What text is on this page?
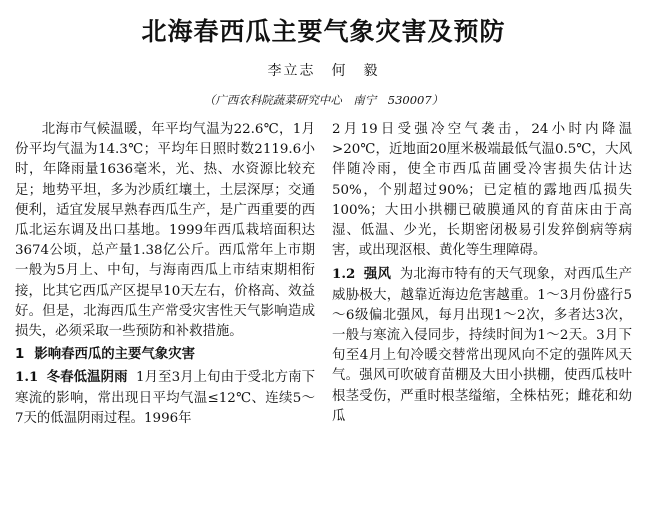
北海春西瓜主要气象灾害及预防
李立志　何　毅
（广西农科院蔬菜研究中心　南宁　530007）

北海市气候温暖，年平均气温为22.6℃，1月份平均气温为14.3℃；平均年日照时数2119.6小时，年降雨量1636毫米，光、热、水资源比较充足；地势平坦，多为沙质红壤土，土层深厚；交通便利，适宜发展早熟春西瓜生产，是广西重要的西瓜北运东调及出口基地。1999年西瓜栽培面积达3674公顷，总产量1.38亿公斤。西瓜常年上市期一般为5月上、中旬，与海南西瓜上市结束期相衔接，比其它西瓜产区提早10天左右，价格高、效益好。但是，北海西瓜生产常受灾害性天气影响造成损失，必须采取一些预防和补救措施。

1 影响春西瓜的主要气象灾害

1.1 冬春低温阴雨 1月至3月上旬由于受北方南下寒流的影响，常出现日平均气温≤12℃、连续5～7天的低温阴雨过程。1996年

2月19日受强冷空气袭击，24小时内降温>20℃，近地面20厘米极端最低气温0.5℃，大风伴随冷雨，使全市西瓜苗圃受冷害损失估计达50%，个别超过90%；已定植的露地西瓜损失100%；大田小拱棚已破膜通风的育苗床由于高湿、低温、少光，长期密闭极易引发猝倒病等病害，或出现沤根、黄化等生理障碍。

1.2 强风 为北海市特有的天气现象，对西瓜生产威胁极大，越靠近海边危害越重。1～3月份盛行5～6级偏北强风，每月出现1～2次，多者达3次，一般与寒流入侵同步，持续时间为1～2天。3月下旬至4月上旬冷暖交替常出现风向不定的强阵风天气。强风可吹破育苗棚及大田小拱棚，使西瓜枝叶根茎受伤，严重时根茎缢缩，全株枯死；雌花和幼瓜
